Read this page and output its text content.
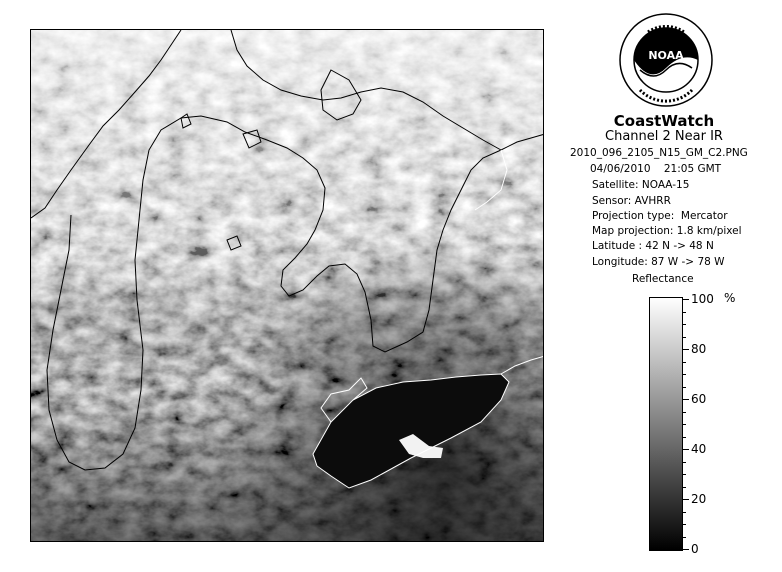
NOAA
CoastWatch
Channel 2 Near IR
2010_096_2105_N15_GM_C2.PNG
04/06/2010    21:05 GMT
Satellite: NOAA-15
Sensor: AVHRR
Projection type:  Mercator
Map projection: 1.8 km/pixel
Latitude : 42 N -> 48 N
Longitude: 87 W -> 78 W
Reflectance
%
100
80
60
40
20
0
